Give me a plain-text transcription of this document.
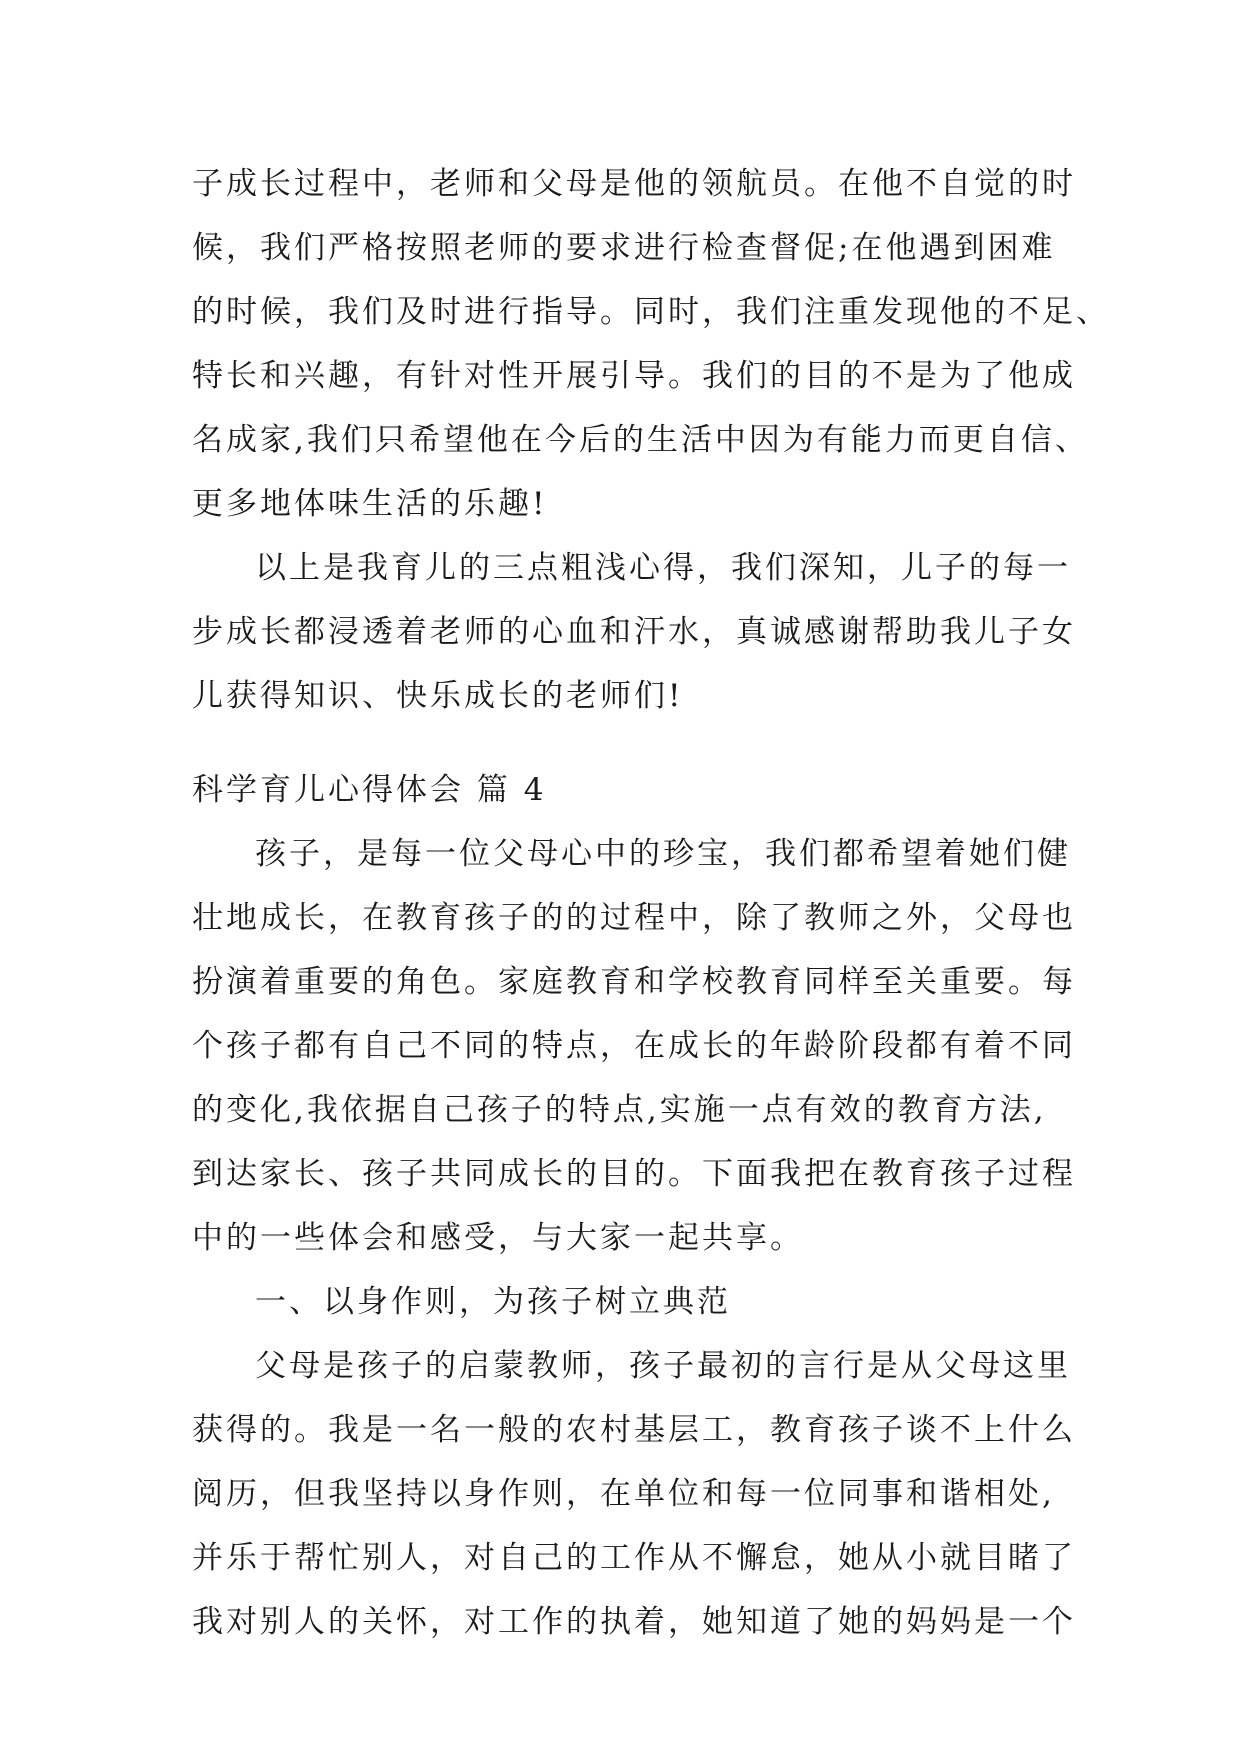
子成长过程中，老师和父母是他的领航员。在他不自觉的时

候，我们严格按照老师的要求进行检查督促;在他遇到困难

的时候，我们及时进行指导。同时，我们注重发现他的不足、

特长和兴趣，有针对性开展引导。我们的目的不是为了他成

名成家,我们只希望他在今后的生活中因为有能力而更自信、

更多地体味生活的乐趣!

以上是我育儿的三点粗浅心得，我们深知，儿子的每一

步成长都浸透着老师的心血和汗水，真诚感谢帮助我儿子女

儿获得知识、快乐成长的老师们!

科学育儿心得体会 篇 4

孩子，是每一位父母心中的珍宝，我们都希望着她们健

壮地成长，在教育孩子的的过程中，除了教师之外，父母也

扮演着重要的角色。家庭教育和学校教育同样至关重要。每

个孩子都有自己不同的特点，在成长的年龄阶段都有着不同

的变化,我依据自己孩子的特点,实施一点有效的教育方法,

到达家长、孩子共同成长的目的。下面我把在教育孩子过程

中的一些体会和感受，与大家一起共享。

一、以身作则，为孩子树立典范

父母是孩子的启蒙教师，孩子最初的言行是从父母这里

获得的。我是一名一般的农村基层工，教育孩子谈不上什么

阅历，但我坚持以身作则，在单位和每一位同事和谐相处,

并乐于帮忙别人，对自己的工作从不懈怠，她从小就目睹了

我对别人的关怀，对工作的执着，她知道了她的妈妈是一个
